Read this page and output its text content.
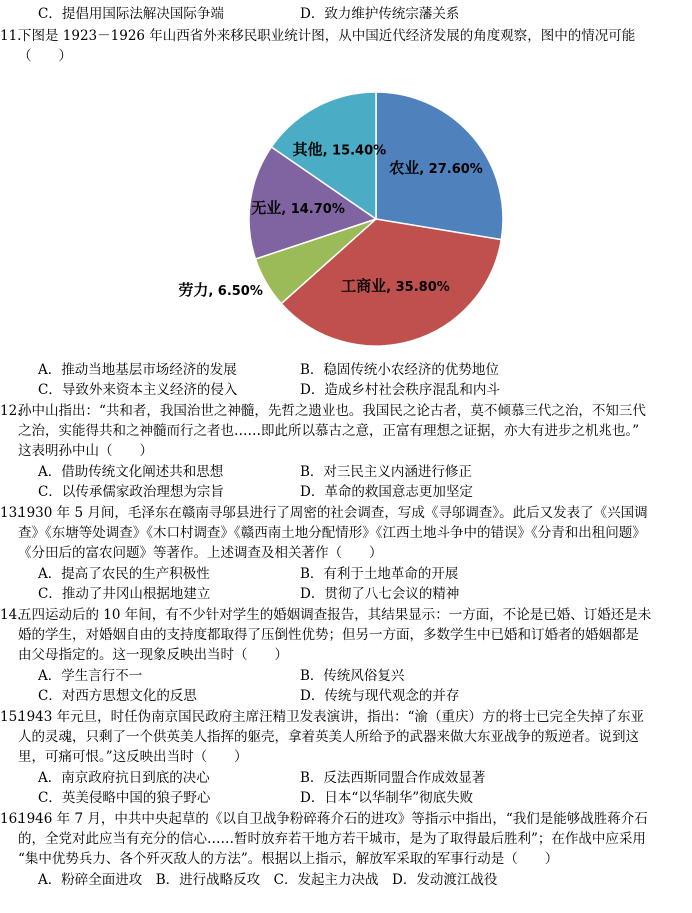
C．提倡用国际法解决国际争端	D．致力维护传统宗藩关系
11.下图是 1923－1926 年山西省外来移民职业统计图，从中国近代经济发展的角度观察，图中的情况可能
（　　）
农业, 27.60%
工商业, 35.80%
劳力, 6.50%
无业, 14.70%
其他, 15.40%
A．推动当地基层市场经济的发展	B．稳固传统小农经济的优势地位
C．导致外来资本主义经济的侵入	D．造成乡村社会秩序混乱和内斗
12.孙中山指出：“共和者，我国治世之神髓，先哲之遗业也。我国民之论古者，莫不倾慕三代之治，不知三代
之治，实能得共和之神髓而行之者也……即此所以慕古之意，正富有理想之证据，亦大有进步之机兆也。”
这表明孙中山（　　）
A．借助传统文化阐述共和思想	B．对三民主义内涵进行修正
C．以传承儒家政治理想为宗旨	D．革命的救国意志更加坚定
13.1930 年 5 月间，毛泽东在赣南寻邬县进行了周密的社会调查，写成《寻邬调查》。此后又发表了《兴国调
查》《东塘等处调查》《木口村调查》《赣西南土地分配情形》《江西土地斗争中的错误》《分青和出租问题》
《分田后的富农问题》等著作。上述调查及相关著作（　　）
A．提高了农民的生产积极性	B．有利于土地革命的开展
C．推动了井冈山根据地建立	D．贯彻了八七会议的精神
14.五四运动后的 10 年间，有不少针对学生的婚姻调查报告，其结果显示：一方面，不论是已婚、订婚还是未
婚的学生，对婚姻自由的支持度都取得了压倒性优势；但另一方面，多数学生中已婚和订婚者的婚姻都是
由父母指定的。这一现象反映出当时（　　）
A．学生言行不一	B．传统风俗复兴
C．对西方思想文化的反思	D．传统与现代观念的并存
15.1943 年元旦，时任伪南京国民政府主席汪精卫发表演讲，指出：“渝（重庆）方的将士已完全失掉了东亚
人的灵魂，只剩了一个供英美人指挥的躯壳，拿着英美人所给予的武器来做大东亚战争的叛逆者。说到这
里，可痛可恨。”这反映出当时（　　）
A．南京政府抗日到底的决心	B．反法西斯同盟合作成效显著
C．英美侵略中国的狼子野心	D．日本“以华制华”彻底失败
16.1946 年 7 月，中共中央起草的《以自卫战争粉碎蒋介石的进攻》等指示中指出，“我们是能够战胜蒋介石
的，全党对此应当有充分的信心……暂时放弃若干地方若干城市，是为了取得最后胜利”；在作战中应采用
“集中优势兵力、各个歼灭敌人的方法”。根据以上指示，解放军采取的军事行动是（　　）
A．粉碎全面进攻　B．进行战略反攻　C．发起主力决战　D．发动渡江战役
